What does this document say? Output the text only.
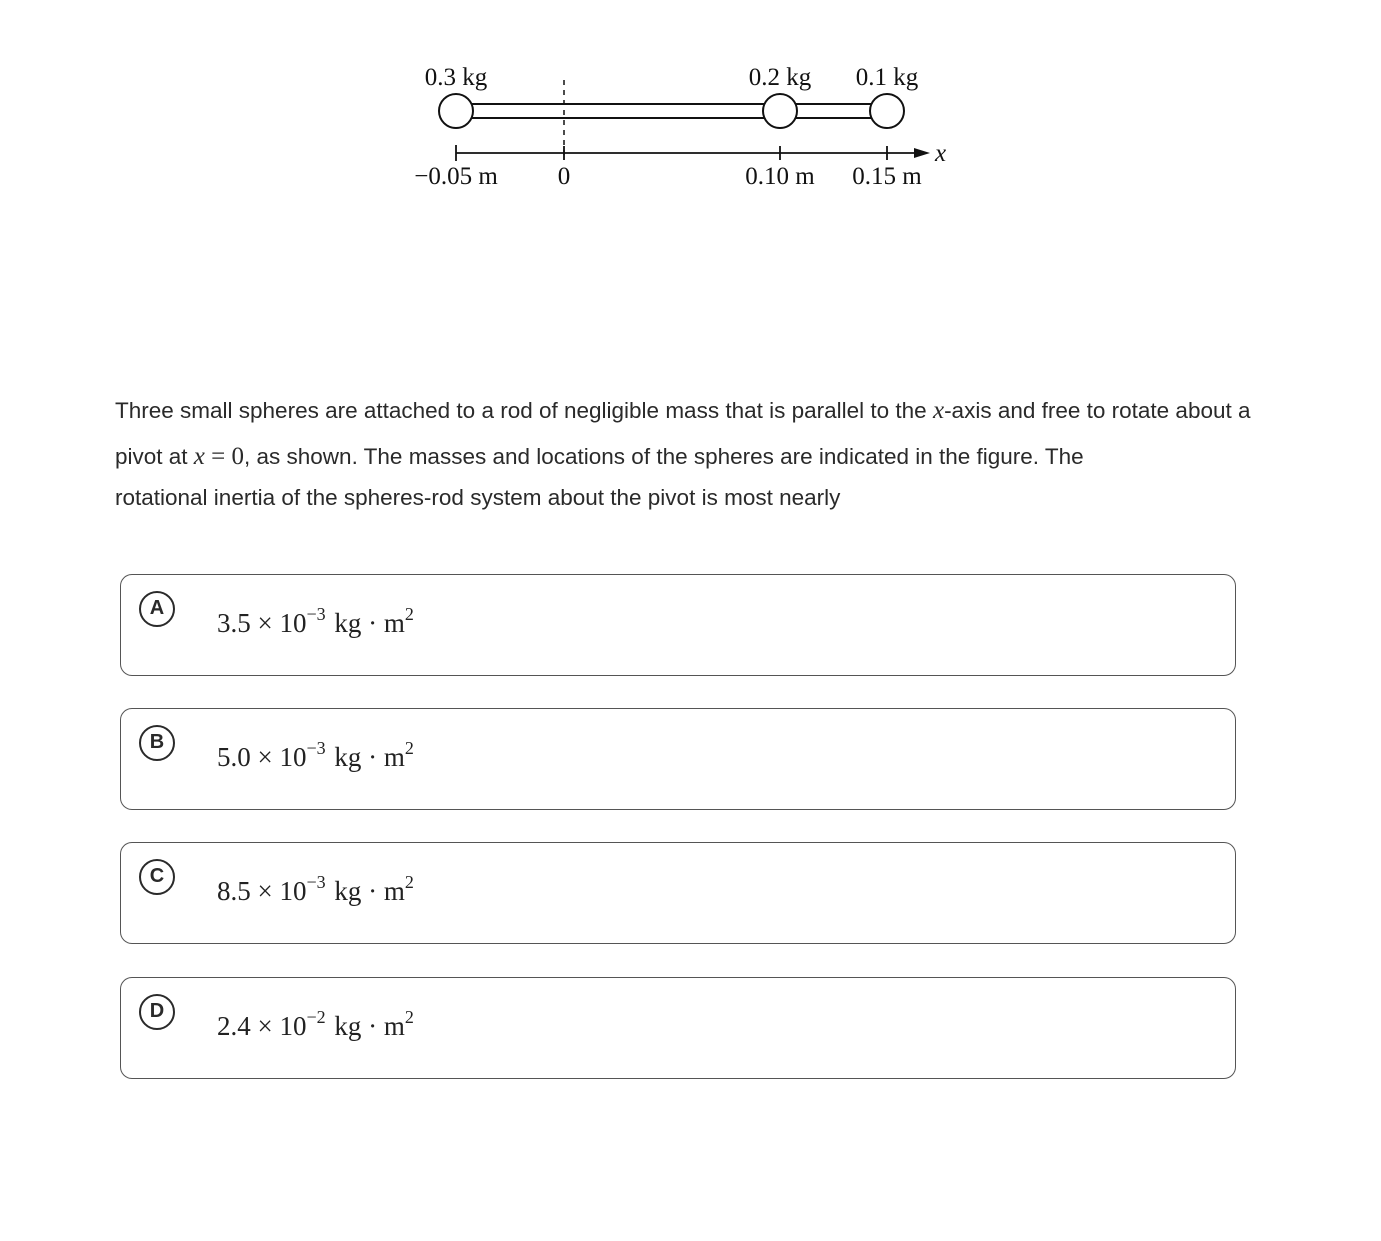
0.3 kg	0.2 kg 0.1 kg
−0.05 m 0	0.10 m 0.15 m
x
Three small spheres are attached to a rod of negligible mass that is parallel to the x-axis and free to rotate about a pivot at x = 0, as shown. The masses and locations of the spheres are indicated in the figure. The
rotational inertia of the spheres-rod system about the pivot is most nearly
A	$3.5 \times 10^{-3}$ kg · $m^2$
B	$5.0 \times 10^{-3}$ kg · $m^2$
C	$8.5 \times 10^{-3}$ kg · $m^2$
D	$2.4 \times 10^{-2}$ kg · $m^2$
